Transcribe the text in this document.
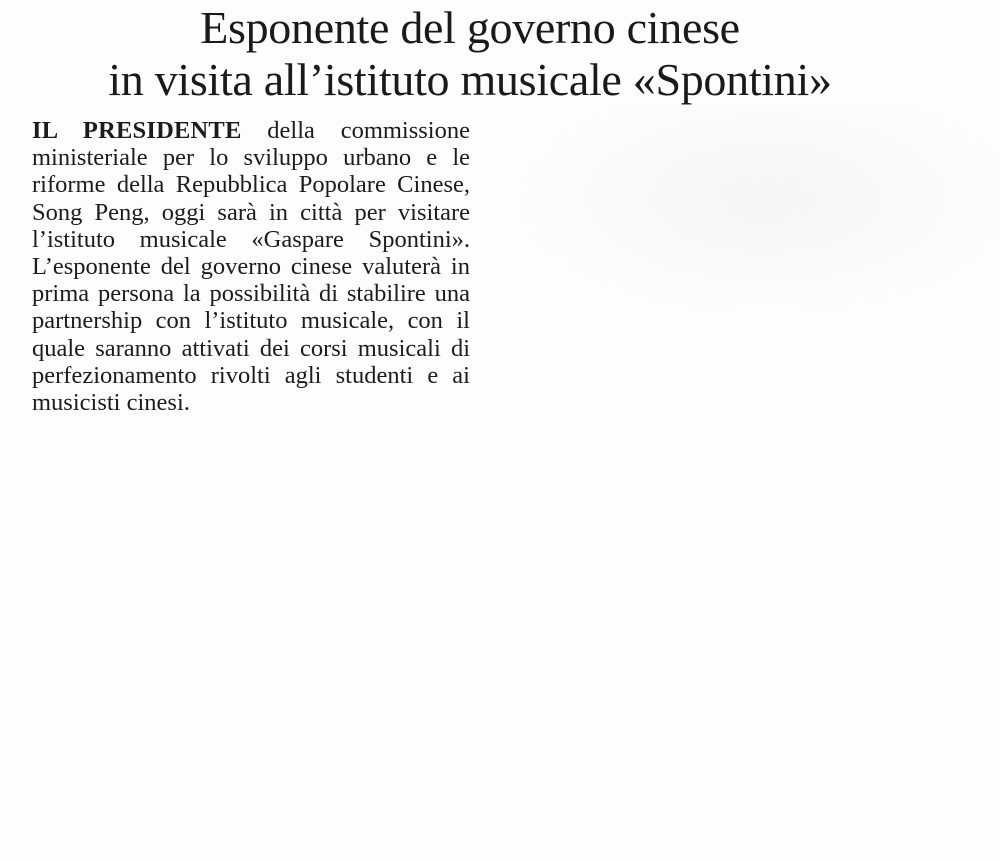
Esponente del governo cinese
in visita all’istituto musicale «Spontini»

IL PRESIDENTE della commissione ministeriale per lo sviluppo urbano e le riforme della Repubblica Popolare Cinese, Song Peng, oggi sarà in città per visitare l’istituto musicale «Gaspare Spontini». L’esponente del governo cinese valuterà in prima persona la possibilità di stabilire una partnership con l’istituto musicale, con il quale saranno attivati dei corsi musicali di perfezionamento rivolti agli studenti e ai musicisti cinesi.
